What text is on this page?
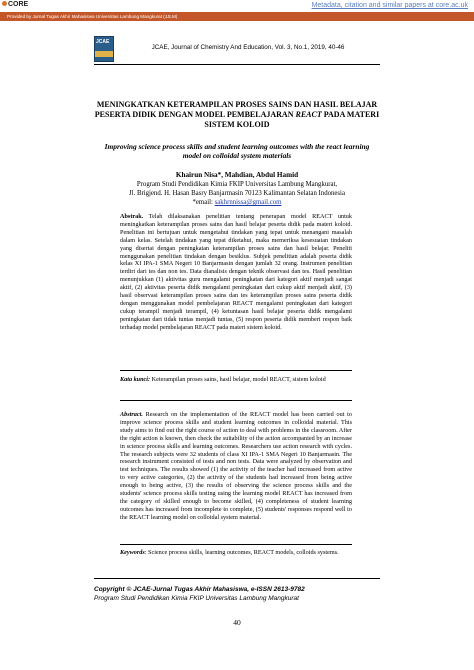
CORE	Metadata, citation and similar papers at core.ac.uk
Provided by Jurnal Tugas Akhir Mahasiswa Universitas Lambung Mangkurat (JJLM)
JCAE
JCAE, Journal of Chemistry And Education, Vol. 3, No.1, 2019, 40-46
MENINGKATKAN KETERAMPILAN PROSES SAINS DAN HASIL BELAJAR PESERTA DIDIK DENGAN MODEL PEMBELAJARAN REACT PADA MATERI SISTEM KOLOID
Improving science process skills and student learning outcomes with the react learning model on colloidal system materials
Khairun Nisa*, Mahdian, Abdul Hamid
Program Studi Pendidikan Kimia FKIP Universitas Lambung Mangkurat,
Jl. Brigjend. H. Hasan Basry Banjarmasin 70123 Kalimantan Selatan Indonesia
*email: sakhrnnissa@gmail.com
Abstrak. Telah dilaksanakan penelitian tentang penerapan model REACT untuk meningkatkan keterampilan proses sains dan hasil belajar peserta didik pada materi koloid. Penelitian ini bertujuan untuk mengetahui tindakan yang tepat untuk menangani masalah dalam kelas. Setelah tindakan yang tepat diketahui, maka memeriksa kesesuaian tindakan yang disertai dengan peningkatan keterampilan proses sains dan hasil belajar. Peneliti menggunakan penelitian tindakan dengan besiklus. Subjek penelitian adalah peserta didik kelas XI IPA-1 SMA Negeri 10 Banjarmasin dengan jumlah 32 orang. Instrumen penelitian terdiri dari tes dan non tes. Data dianalisis dengan teknik observasi dan tes. Hasil penelitian menunjukkan (1) aktivitas guru mengalami peningkatan dari kategori aktif menjadi sangat aktif, (2) aktivitas peserta didik mengalami peningkatan dari cukup aktif menjadi aktif, (3) hasil observasi keterampilan proses sains dan tes keterampilan proses sains peserta didik dengan menggunakan model pembelajaran REACT mengalami peningkatan dari kategori cukup terampil menjadi terampil, (4) ketuntasan hasil belajar peserta didik mengalami peningkatan dari tidak tuntas menjadi tuntas, (5) respon peserta didik memberi respon baik terhadap model pembelajaran REACT pada materi sistem koloid.
Kata kunci: Keterampilan proses sains, hasil belajar, model REACT, sistem koloid
Abstract. Research on the implementation of the REACT model has been carried out to improve science process skills and student learning outcomes in colloidal material. This study aims to find out the right course of action to deal with problems in the classroom. After the right action is known, then check the suitability of the action accompanied by an increase in science process skills and learning outcomes. Researchers use action research with cycles. The research subjects were 32 students of class XI IPA-1 SMA Negeri 10 Banjarmasin. The research instrument consisted of tests and non tests. Data were analyzed by observation and test techniques. The results showed (1) the activity of the teacher had increased from active to very active categories, (2) the activity of the students had increased from being active enough to being active, (3) the results of observing the science process skills and the students' science process skills testing using the learning model REACT has increased from the category of skilled enough to become skilled, (4) completeness of student learning outcomes has increased from incomplete to complete, (5) students' responses respond well to the REACT learning model on colloidal system material.
Keywords: Science process skills, learning outcomes, REACT models, colloids systems.
Copyright © JCAE-Jurnal Tugas Akhir Mahasiswa, e-ISSN 2613-9782
Program Studi Pendidikan Kimia FKIP Universitas Lambung Mangkurat
40
